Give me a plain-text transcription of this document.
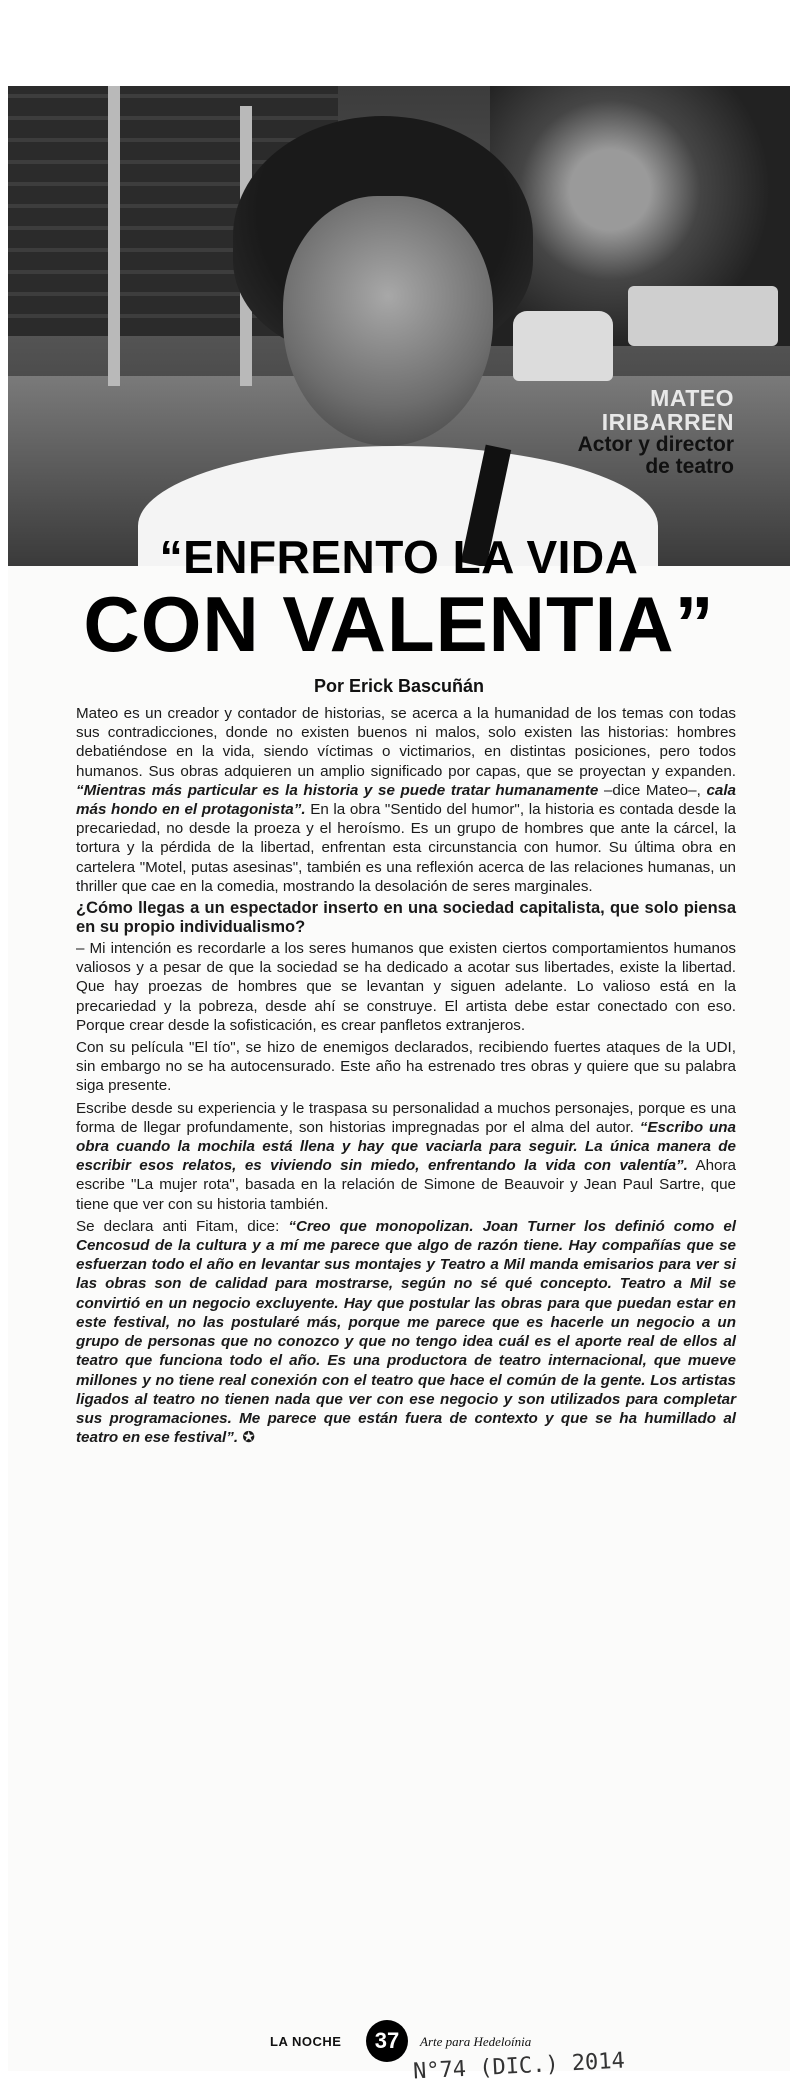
MATEO
IRIBARREN
Actor y director
de teatro
“ENFRENTO LA VIDA
CON VALENTIA”
Por Erick Bascuñán

Mateo es un creador y contador de historias, se acerca a la humanidad de los temas con todas sus contradicciones, donde no existen buenos ni malos, solo existen las historias: hombres debatiéndose en la vida, siendo víctimas o victimarios, en distintas posiciones, pero todos humanos. Sus obras adquieren un amplio significado por capas, que se proyectan y expanden. “Mientras más particular es la historia y se puede tratar humanamente –dice Mateo–, cala más hondo en el protagonista”. En la obra "Sentido del humor", la historia es contada desde la precariedad, no desde la proeza y el heroísmo. Es un grupo de hombres que ante la cárcel, la tortura y la pérdida de la libertad, enfrentan esta circunstancia con humor. Su última obra en cartelera "Motel, putas asesinas", también es una reflexión acerca de las relaciones humanas, un thriller que cae en la comedia, mostrando la desolación de seres marginales.

¿Cómo llegas a un espectador inserto en una sociedad capitalista, que solo piensa en su propio individualismo?

– Mi intención es recordarle a los seres humanos que existen ciertos comportamientos humanos valiosos y a pesar de que la sociedad se ha dedicado a acotar sus libertades, existe la libertad. Que hay proezas de hombres que se levantan y siguen adelante. Lo valioso está en la precariedad y la pobreza, desde ahí se construye. El artista debe estar conectado con eso. Porque crear desde la sofisticación, es crear panfletos extranjeros.

Con su película "El tío", se hizo de enemigos declarados, recibiendo fuertes ataques de la UDI, sin embargo no se ha autocensurado. Este año ha estrenado tres obras y quiere que su palabra siga presente.

Escribe desde su experiencia y le traspasa su personalidad a muchos personajes, porque es una forma de llegar profundamente, son historias impregnadas por el alma del autor. “Escribo una obra cuando la mochila está llena y hay que vaciarla para seguir. La única manera de escribir esos relatos, es viviendo sin miedo, enfrentando la vida con valentía”. Ahora escribe "La mujer rota", basada en la relación de Simone de Beauvoir y Jean Paul Sartre, que tiene que ver con su historia también.

Se declara anti Fitam, dice: “Creo que monopolizan. Joan Turner los definió como el Cencosud de la cultura y a mí me parece que algo de razón tiene. Hay compañías que se esfuerzan todo el año en levantar sus montajes y Teatro a Mil manda emisarios para ver si las obras son de calidad para mostrarse, según no sé qué concepto. Teatro a Mil se convirtió en un negocio excluyente. Hay que postular las obras para que puedan estar en este festival, no las postularé más, porque me parece que es hacerle un negocio a un grupo de personas que no conozco y que no tengo idea cuál es el aporte real de ellos al teatro que funciona todo el año. Es una productora de teatro internacional, que mueve millones y no tiene real conexión con el teatro que hace el común de la gente. Los artistas ligados al teatro no tienen nada que ver con ese negocio y son utilizados para completar sus programaciones. Me parece que están fuera de contexto y que se ha humillado al teatro en ese festival”. ✪

LA NOCHE	37	Arte para Hedeloínia
N°74 (DIC.) 2014
